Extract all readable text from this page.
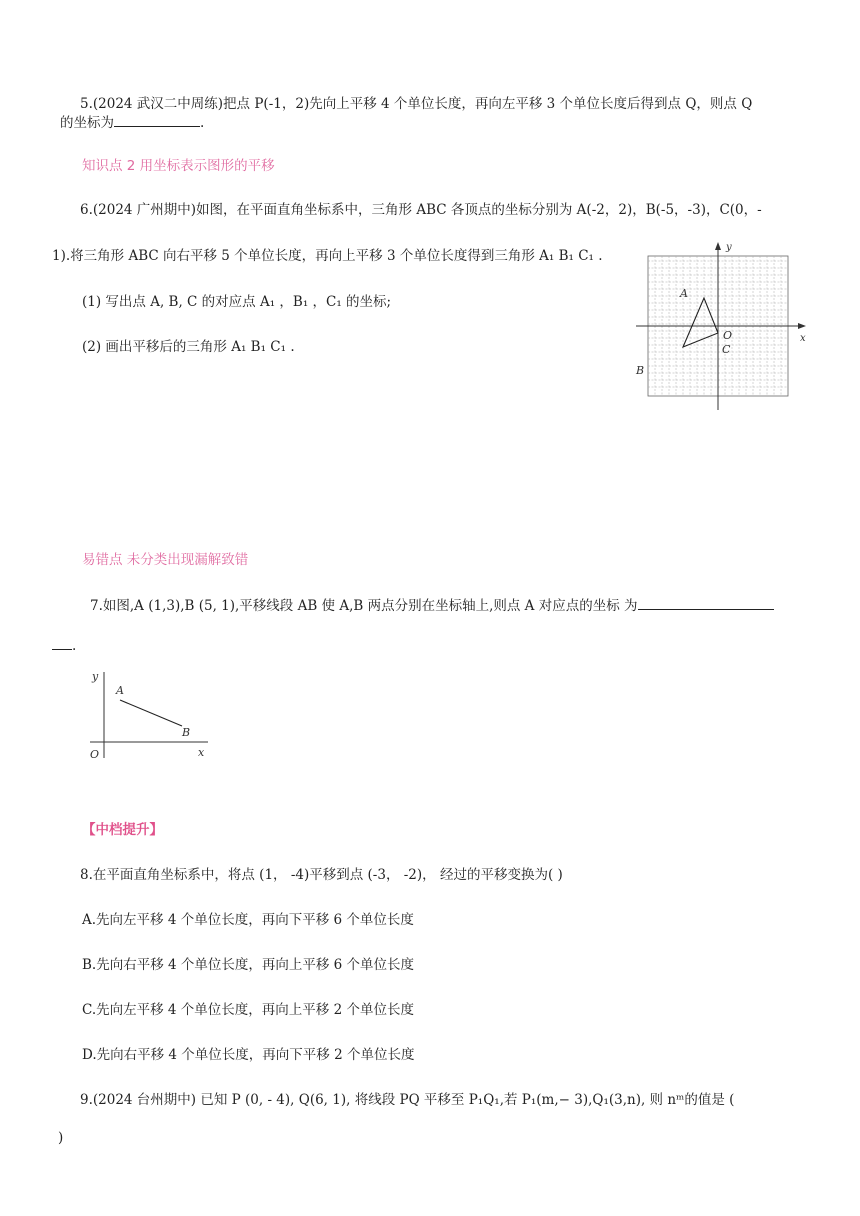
5.(2024 武汉二中周练)把点 P(-1，2)先向上平移 4 个单位长度，再向左平移 3 个单位长度后得到点 Q，则点 Q
的坐标为	.
知识点 2 用坐标表示图形的平移
6.(2024 广州期中)如图，在平面直角坐标系中，三角形 ABC 各顶点的坐标分别为 A(-2，2)，B(-5，-3)，C(0，-
1).将三角形 ABC 向右平移 5 个单位长度，再向上平移 3 个单位长度得到三角形 A₁ B₁ C₁ .
(1) 写出点 A, B, C 的对应点 A₁ ，B₁ ，C₁ 的坐标;
(2) 画出平移后的三角形 A₁ B₁ C₁ .
A
B
C
O	x
y
易错点 未分类出现漏解致错
7.如图,A (1,3),B (5, 1),平移线段 AB 使 A,B 两点分别在坐标轴上,则点 A 对应点的坐标 为
.
A
B
y
O	x
【中档提升】
8.在平面直角坐标系中，将点 (1， -4)平移到点 (-3， -2)， 经过的平移变换为( )
A.先向左平移 4 个单位长度，再向下平移 6 个单位长度
B.先向右平移 4 个单位长度，再向上平移 6 个单位长度
C.先向左平移 4 个单位长度，再向上平移 2 个单位长度
D.先向右平移 4 个单位长度，再向下平移 2 个单位长度
9.(2024 台州期中) 已知 P (0, - 4), Q(6, 1), 将线段 PQ 平移至 P₁Q₁,若 P₁(m,− 3),Q₁(3,n), 则 nᵐ的值是 (
)
